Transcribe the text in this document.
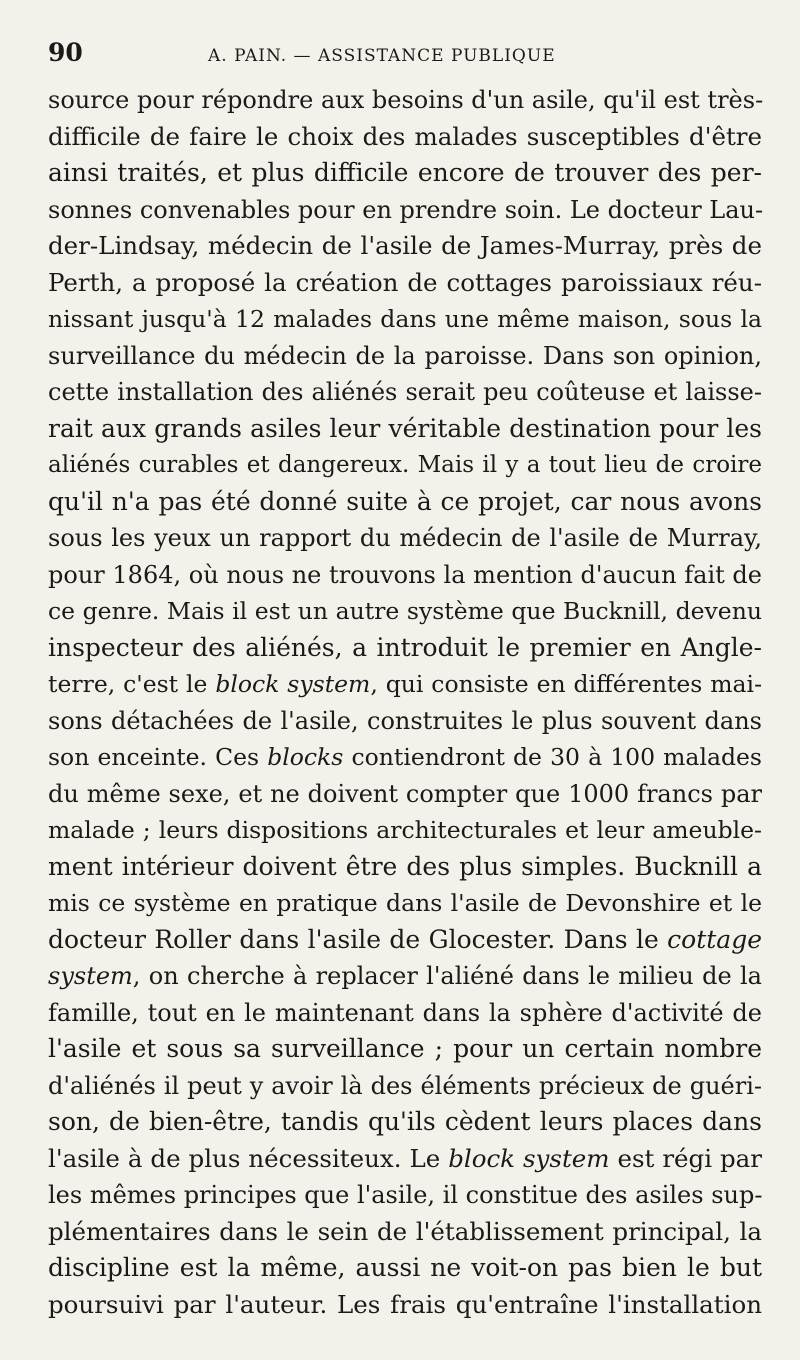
90	A. PAIN. — ASSISTANCE PUBLIQUE
source pour répondre aux besoins d'un asile, qu'il est très-
difficile de faire le choix des malades susceptibles d'être
ainsi traités, et plus difficile encore de trouver des per-
sonnes convenables pour en prendre soin. Le docteur Lau-
der-Lindsay, médecin de l'asile de James-Murray, près de
Perth, a proposé la création de cottages paroissiaux réu-
nissant jusqu'à 12 malades dans une même maison, sous la
surveillance du médecin de la paroisse. Dans son opinion,
cette installation des aliénés serait peu coûteuse et laisse-
rait aux grands asiles leur véritable destination pour les
aliénés curables et dangereux. Mais il y a tout lieu de croire
qu'il n'a pas été donné suite à ce projet, car nous avons
sous les yeux un rapport du médecin de l'asile de Murray,
pour 1864, où nous ne trouvons la mention d'aucun fait de
ce genre. Mais il est un autre système que Bucknill, devenu
inspecteur des aliénés, a introduit le premier en Angle-
terre, c'est le block system, qui consiste en différentes mai-
sons détachées de l'asile, construites le plus souvent dans
son enceinte. Ces blocks contiendront de 30 à 100 malades
du même sexe, et ne doivent compter que 1000 francs par
malade ; leurs dispositions architecturales et leur ameuble-
ment intérieur doivent être des plus simples. Bucknill a
mis ce système en pratique dans l'asile de Devonshire et le
docteur Roller dans l'asile de Glocester. Dans le cottage
system, on cherche à replacer l'aliéné dans le milieu de la
famille, tout en le maintenant dans la sphère d'activité de
l'asile et sous sa surveillance ; pour un certain nombre
d'aliénés il peut y avoir là des éléments précieux de guéri-
son, de bien-être, tandis qu'ils cèdent leurs places dans
l'asile à de plus nécessiteux. Le block system est régi par
les mêmes principes que l'asile, il constitue des asiles sup-
plémentaires dans le sein de l'établissement principal, la
discipline est la même, aussi ne voit-on pas bien le but
poursuivi par l'auteur. Les frais qu'entraîne l'installation
